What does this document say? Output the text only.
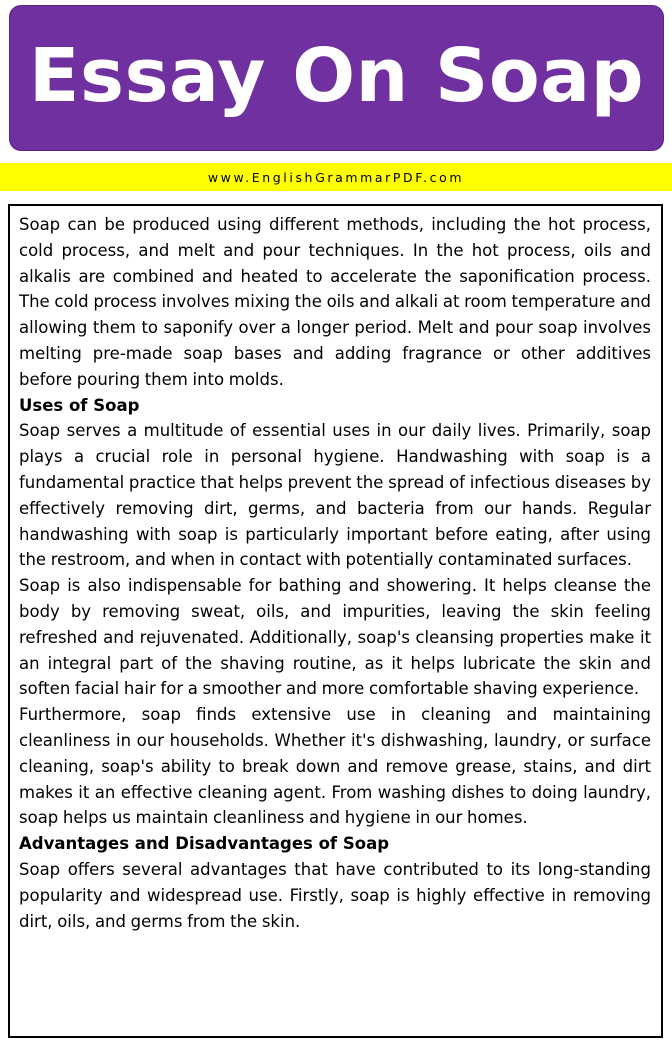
Essay On Soap
www.EnglishGrammarPDF.com

Soap can be produced using different methods, including the hot process, cold process, and melt and pour techniques. In the hot process, oils and alkalis are combined and heated to accelerate the saponification process. The cold process involves mixing the oils and alkali at room temperature and allowing them to saponify over a longer period. Melt and pour soap involves melting pre-made soap bases and adding fragrance or other additives before pouring them into molds.

Uses of Soap

Soap serves a multitude of essential uses in our daily lives. Primarily, soap plays a crucial role in personal hygiene. Handwashing with soap is a fundamental practice that helps prevent the spread of infectious diseases by effectively removing dirt, germs, and bacteria from our hands. Regular handwashing with soap is particularly important before eating, after using the restroom, and when in contact with potentially contaminated surfaces.

Soap is also indispensable for bathing and showering. It helps cleanse the body by removing sweat, oils, and impurities, leaving the skin feeling refreshed and rejuvenated. Additionally, soap's cleansing properties make it an integral part of the shaving routine, as it helps lubricate the skin and soften facial hair for a smoother and more comfortable shaving experience.

Furthermore, soap finds extensive use in cleaning and maintaining cleanliness in our households. Whether it's dishwashing, laundry, or surface cleaning, soap's ability to break down and remove grease, stains, and dirt makes it an effective cleaning agent. From washing dishes to doing laundry, soap helps us maintain cleanliness and hygiene in our homes.

Advantages and Disadvantages of Soap

Soap offers several advantages that have contributed to its long-standing popularity and widespread use. Firstly, soap is highly effective in removing dirt, oils, and germs from the skin.
